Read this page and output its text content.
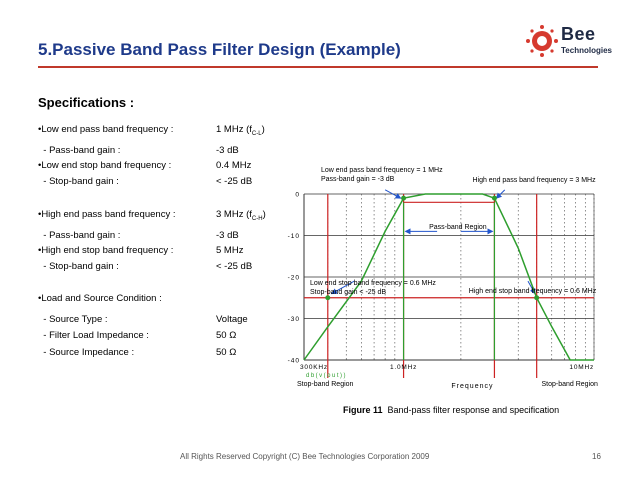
5.Passive Band Pass Filter Design (Example)
Bee
Technologies
Specifications :
•Low end pass band frequency :	1 MHz $(f_{C-L})$
- Pass-band gain :	-3 dB
•Low end stop band frequency :	0.4 MHz
- Stop-band gain :	< -25 dB
•High end pass band frequency :	3 MHz $(f_{C-H})$
- Pass-band gain :	-3 dB
•High end stop band frequency :	5 MHz
- Stop-band gain :	< -25 dB
•Load and Source Condition :
- Source Type :	Voltage
- Filter Load Impedance :	50 Ω
- Source Impedance :	50 Ω
0
-10
-20
-30
-40
300KHz	1.0MHz	10MHz
Frequency
db(v(out))
Low end pass band frequency = 1 MHz
Pass-band gain = -3 dB	High end pass band frequency = 3 MHz
Pass-band Region
Low end stop band frequency = 0.6 MHz
Stop-band gain < -25 dB	High end stop band frequency = 0.6 MHz
Stop-band Region	Stop-band Region
Figure 11 Band-pass filter response and specification
All Rights Reserved Copyright (C) Bee Technologies Corporation 2009	16
